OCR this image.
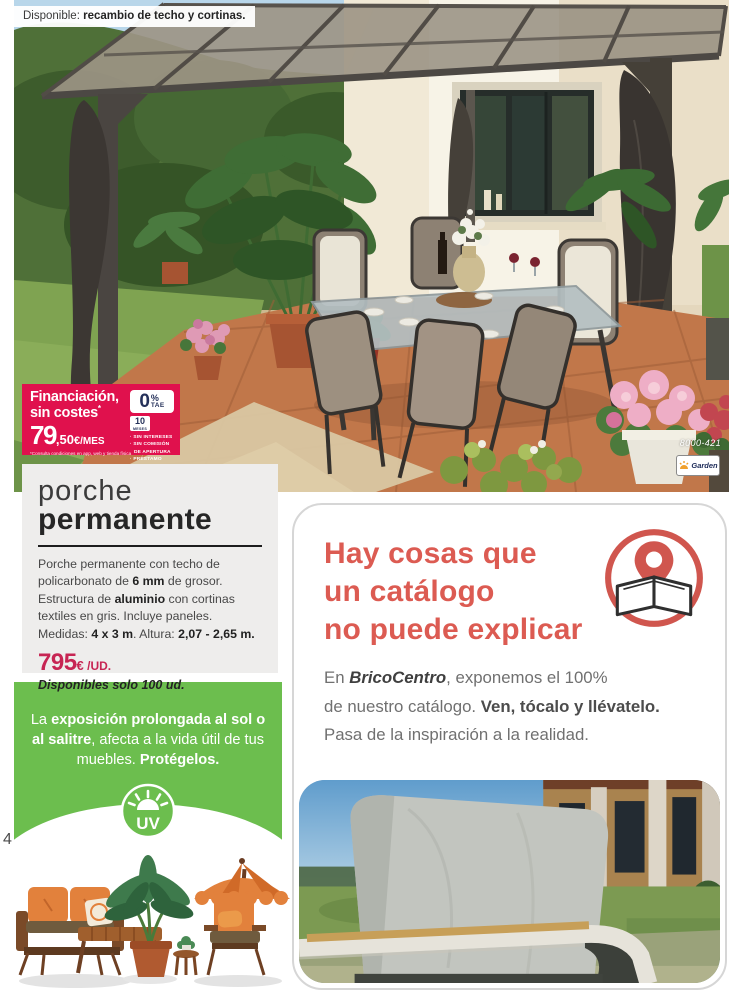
Disponible: recambio de techo y cortinas.
8000-421
Garden
Financiación,
sin costes*
79,50€/MES
*Consulta condiciones en app, web y tienda física
0 %
TAE
10
MESES
· SIN INTERESES
· SIN COMISIÓN
DE APERTURA
· PRÉSTAMO
porche
permanente
Porche permanente con techo de policarbonato de 6 mm de grosor. Estructura de aluminio con cortinas textiles en gris. Incluye paneles.
Medidas: 4 x 3 m. Altura: 2,07 - 2,65 m.
795€ /UD.
Disponibles solo 100 ud.
La exposición prolongada al sol o al salitre, afecta a la vida útil de tus muebles. Protégelos.
UV
4
Hay cosas que
un catálogo
no puede explicar
En BricoCentro, exponemos el 100%
de nuestro catálogo. Ven, tócalo y llévatelo.
Pasa de la inspiración a la realidad.
